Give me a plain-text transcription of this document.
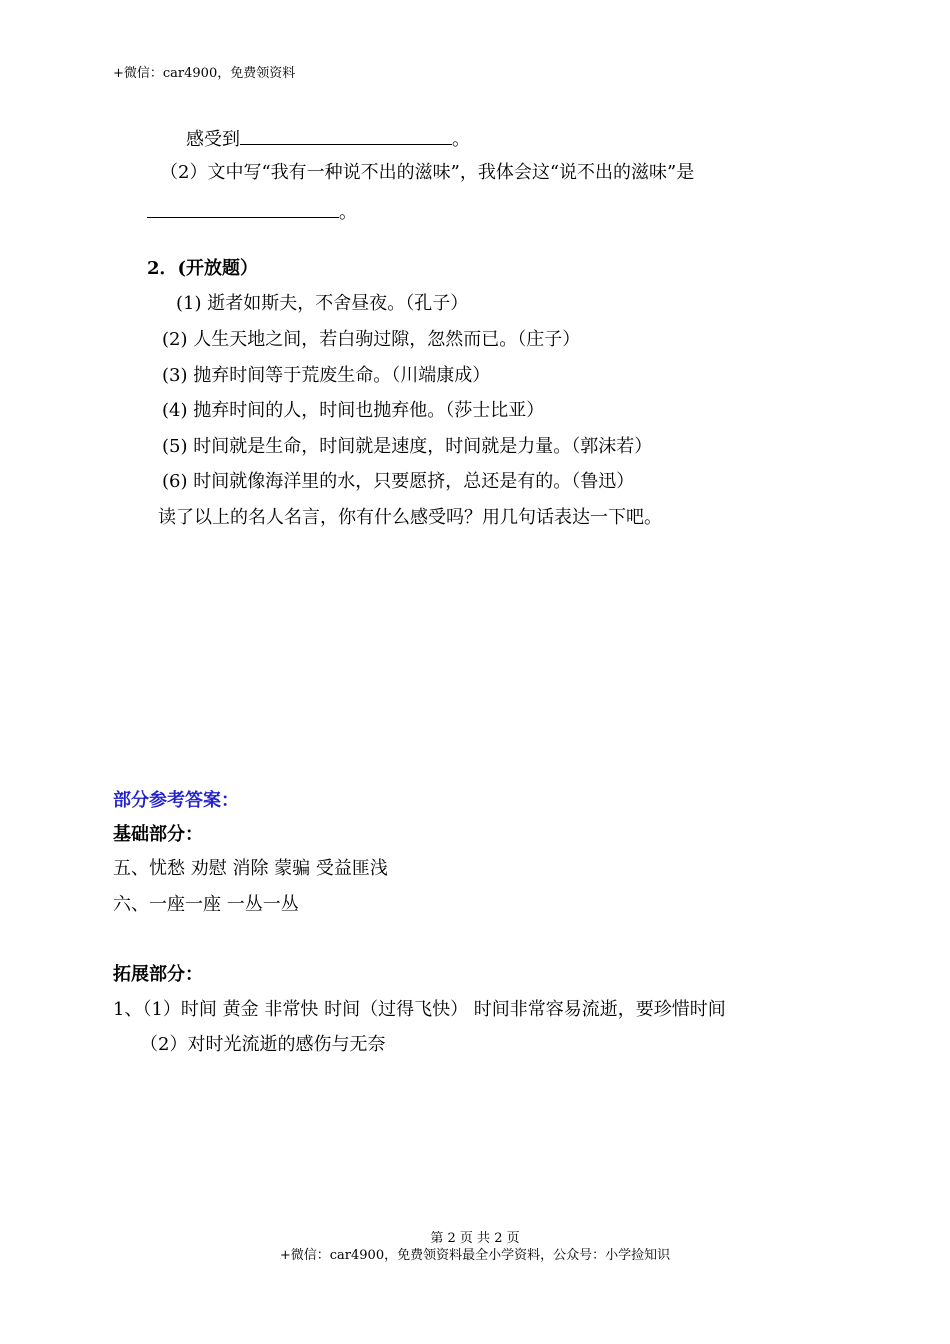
+微信：car4900，免费领资料
感受到	。
（2）文中写“我有一种说不出的滋味”，我体会这“说不出的滋味”是
。
2．(开放题）
(1) 逝者如斯夫，不舍昼夜。（孔子）
(2) 人生天地之间，若白驹过隙，忽然而已。（庄子）
(3) 抛弃时间等于荒废生命。（川端康成）
(4) 抛弃时间的人，时间也抛弃他。（莎士比亚）
(5) 时间就是生命，时间就是速度，时间就是力量。（郭沫若）
(6) 时间就像海洋里的水，只要愿挤，总还是有的。（鲁迅）
读了以上的名人名言，你有什么感受吗？用几句话表达一下吧。
部分参考答案：
基础部分：
五、忧愁 劝慰 消除 蒙骗 受益匪浅
六、一座一座 一丛一丛
拓展部分：
1、（1）时间 黄金 非常快 时间（过得飞快） 时间非常容易流逝，要珍惜时间
（2）对时光流逝的感伤与无奈
第 2 页 共 2 页
+微信：car4900，免费领资料最全小学资料，公众号：小学捡知识
